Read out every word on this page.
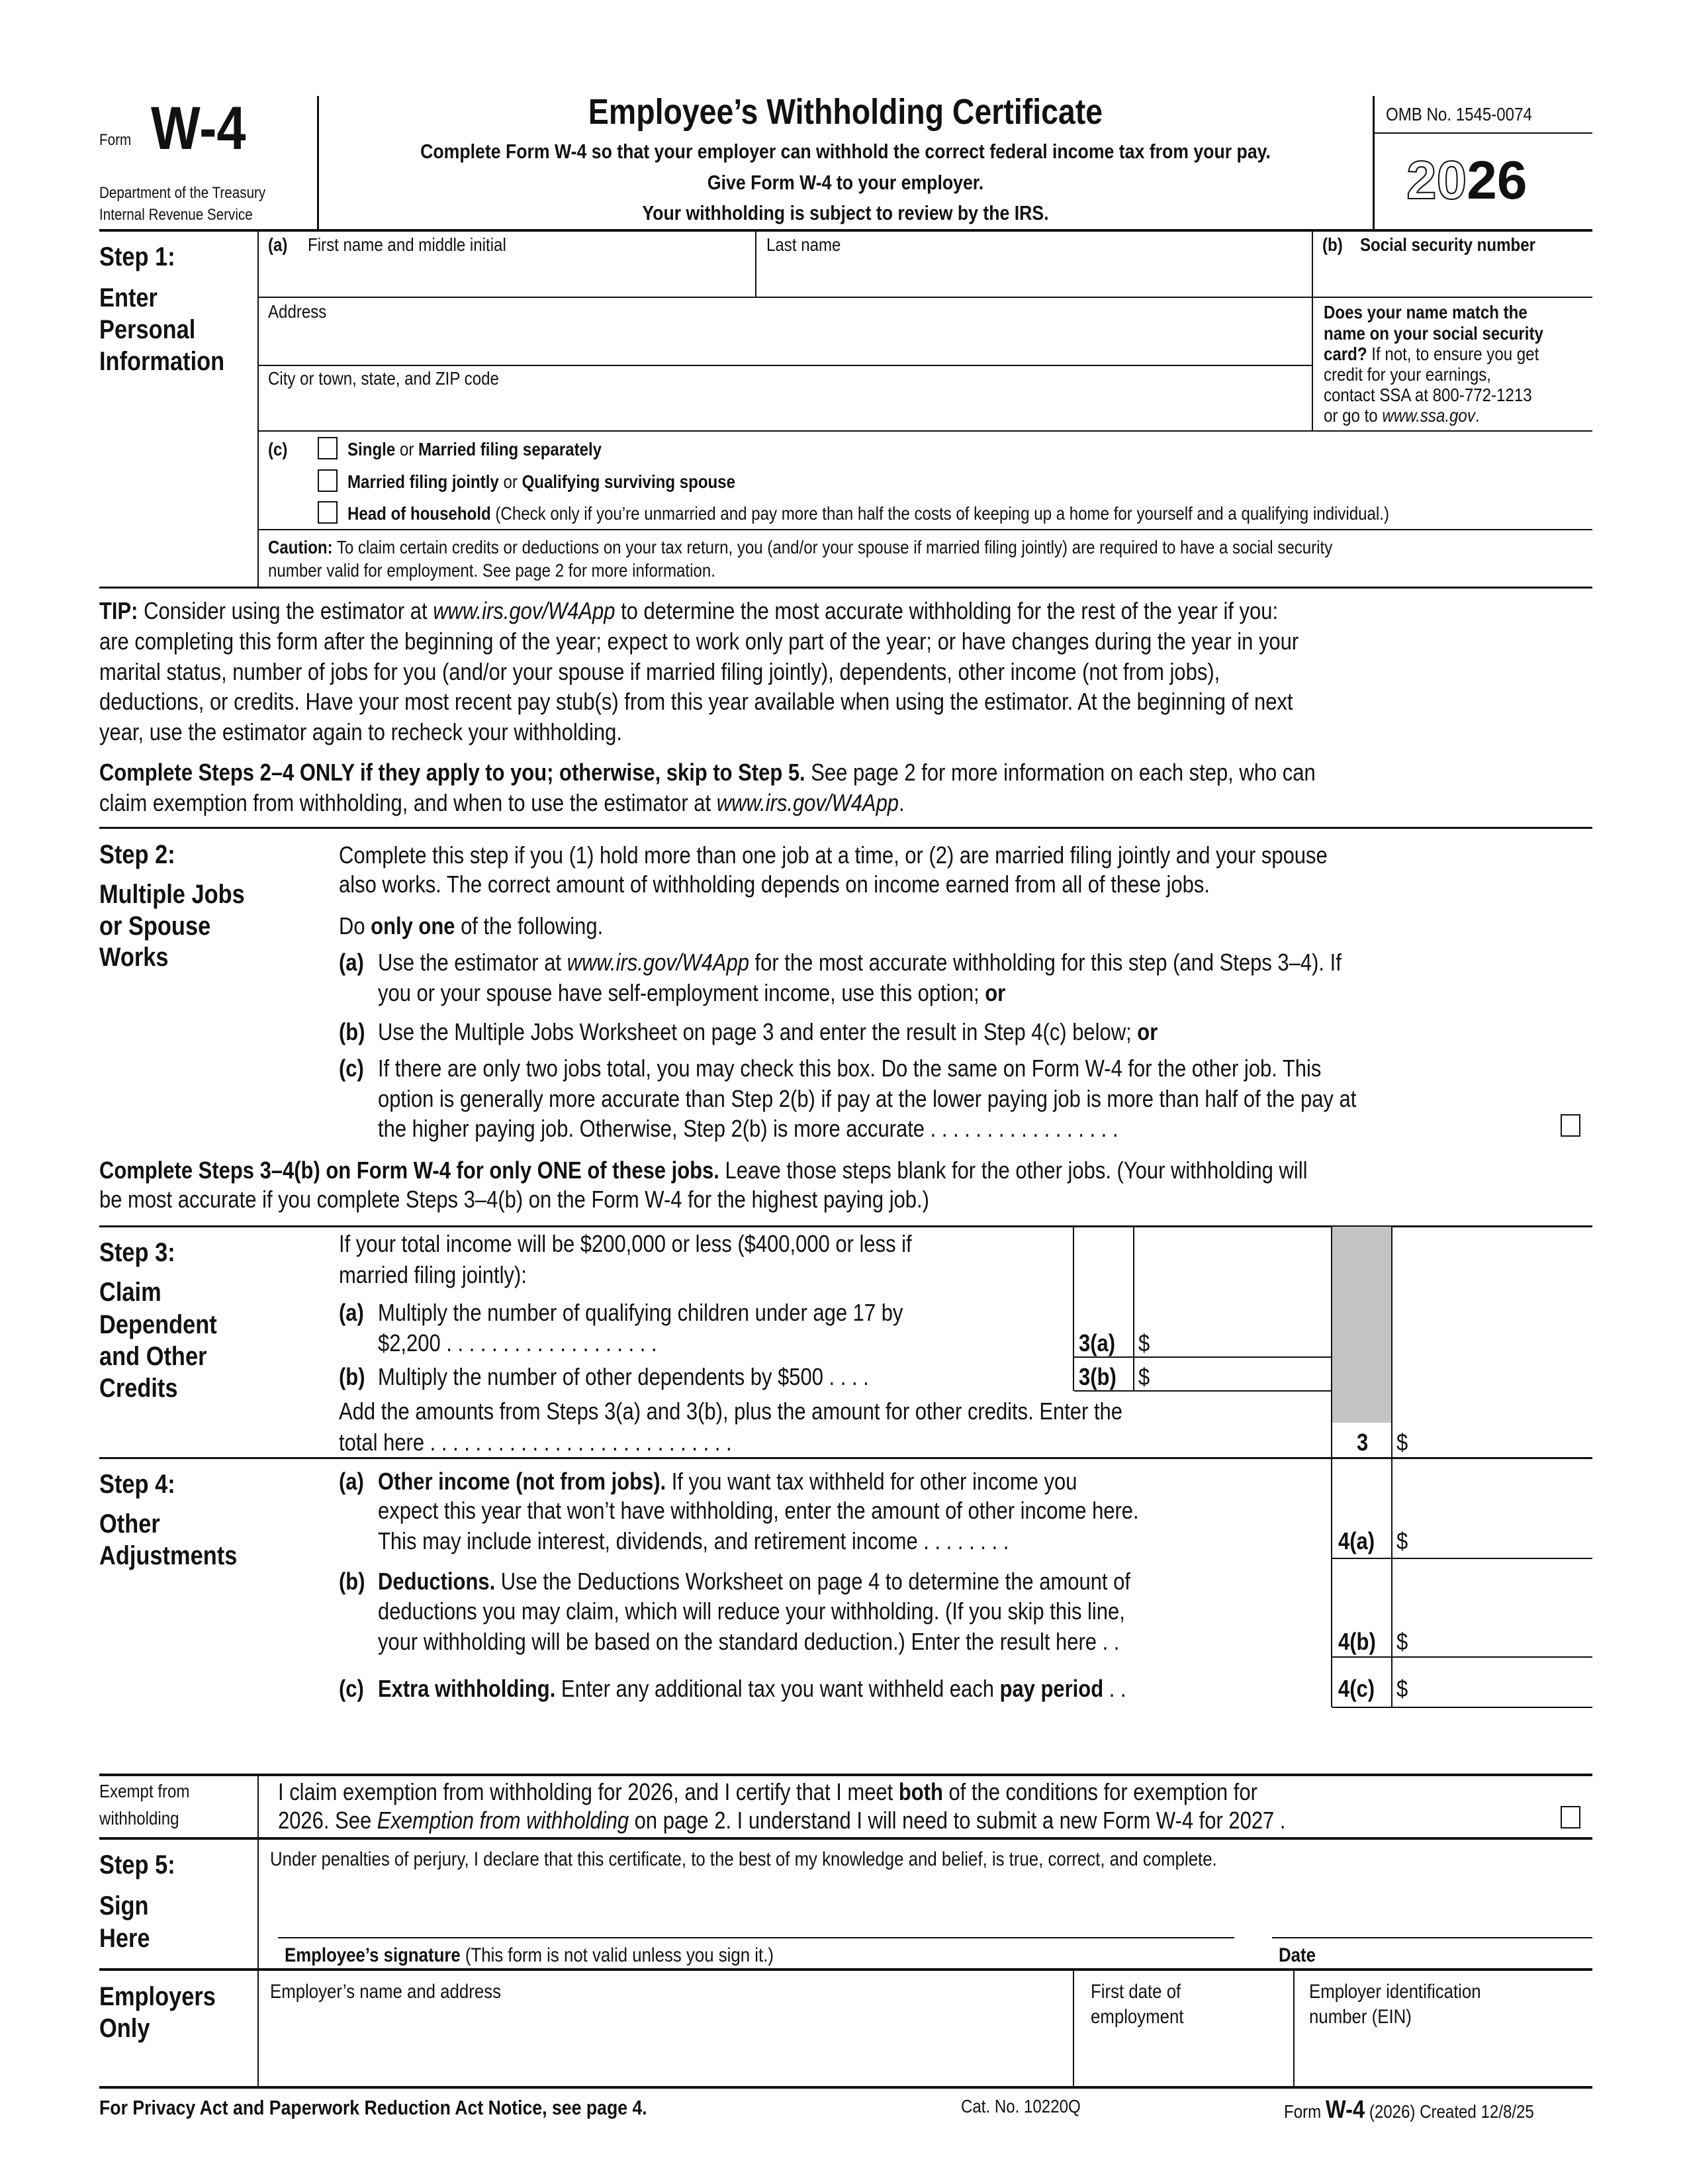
Form W-4
Department of the Treasury
Internal Revenue Service
Employee’s Withholding Certificate
Complete Form W-4 so that your employer can withhold the correct federal income tax from your pay.
Give Form W-4 to your employer.
Your withholding is subject to review by the IRS.
OMB No. 1545-0074
2026
Step 1:
Enter
Personal
Information
(a) First name and middle initial	Last name	(b) Social security number
Address
City or town, state, and ZIP code
Does your name match the
name on your social security
card? If not, to ensure you get
credit for your earnings,
contact SSA at 800-772-1213
or go to www.ssa.gov.
(c)	Single or Married filing separately
Married filing jointly or Qualifying surviving spouse
Head of household (Check only if you’re unmarried and pay more than half the costs of keeping up a home for yourself and a qualifying individual.)
Caution: To claim certain credits or deductions on your tax return, you (and/or your spouse if married filing jointly) are required to have a social security
number valid for employment. See page 2 for more information.
TIP: Consider using the estimator at www.irs.gov/W4App to determine the most accurate withholding for the rest of the year if you:
are completing this form after the beginning of the year; expect to work only part of the year; or have changes during the year in your
marital status, number of jobs for you (and/or your spouse if married filing jointly), dependents, other income (not from jobs),
deductions, or credits. Have your most recent pay stub(s) from this year available when using the estimator. At the beginning of next
year, use the estimator again to recheck your withholding.
Complete Steps 2–4 ONLY if they apply to you; otherwise, skip to Step 5. See page 2 for more information on each step, who can
claim exemption from withholding, and when to use the estimator at www.irs.gov/W4App.
Step 2:
Multiple Jobs
or Spouse
Works
Complete this step if you (1) hold more than one job at a time, or (2) are married filing jointly and your spouse
also works. The correct amount of withholding depends on income earned from all of these jobs.
Do only one of the following.
(a) Use the estimator at www.irs.gov/W4App for the most accurate withholding for this step (and Steps 3–4). If
you or your spouse have self-employment income, use this option; or
(b) Use the Multiple Jobs Worksheet on page 3 and enter the result in Step 4(c) below; or
(c) If there are only two jobs total, you may check this box. Do the same on Form W-4 for the other job. This
option is generally more accurate than Step 2(b) if pay at the lower paying job is more than half of the pay at
the higher paying job. Otherwise, Step 2(b) is more accurate . . . . . . . . . . . . . . . . .
Complete Steps 3–4(b) on Form W-4 for only ONE of these jobs. Leave those steps blank for the other jobs. (Your withholding will
be most accurate if you complete Steps 3–4(b) on the Form W-4 for the highest paying job.)
Step 3:
Claim
Dependent
and Other
Credits
If your total income will be $200,000 or less ($400,000 or less if
married filing jointly):
(a) Multiply the number of qualifying children under age 17 by
$2,200 . . . . . . . . . . . . . . . . . . .
(b) Multiply the number of other dependents by $500 . . . .
Add the amounts from Steps 3(a) and 3(b), plus the amount for other credits. Enter the
total here . . . . . . . . . . . . . . . . . . . . . . . . . . .
3(a) $
3(b) $
3 $
Step 4:
Other
Adjustments
(a) Other income (not from jobs). If you want tax withheld for other income you
expect this year that won’t have withholding, enter the amount of other income here.
This may include interest, dividends, and retirement income . . . . . . . .
(b) Deductions. Use the Deductions Worksheet on page 4 to determine the amount of
deductions you may claim, which will reduce your withholding. (If you skip this line,
your withholding will be based on the standard deduction.) Enter the result here . .
(c) Extra withholding. Enter any additional tax you want withheld each pay period . .
4(a) $
4(b) $
4(c) $
Exempt from
withholding
I claim exemption from withholding for 2026, and I certify that I meet both of the conditions for exemption for
2026. See Exemption from withholding on page 2. I understand I will need to submit a new Form W-4 for 2027 .
Step 5:
Sign
Here
Under penalties of perjury, I declare that this certificate, to the best of my knowledge and belief, is true, correct, and complete.
Employee’s signature (This form is not valid unless you sign it.)	Date
Employers
Only
Employer’s name and address	First date of
employment
Employer identification
number (EIN)
For Privacy Act and Paperwork Reduction Act Notice, see page 4.	Cat. No. 10220Q	Form W-4 (2026) Created 12/8/25
